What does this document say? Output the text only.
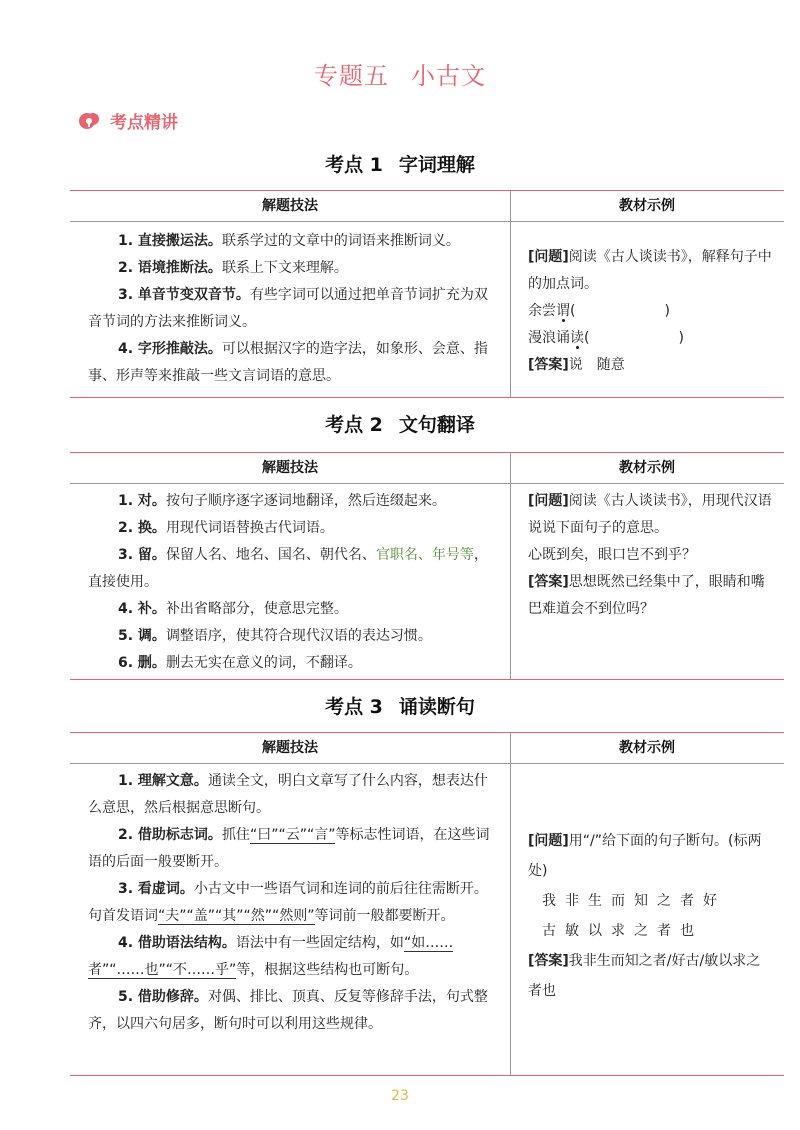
专题五 小古文
考点精讲
考点 1 字词理解
解题技法

1. 直接搬运法。联系学过的文章中的词语来推断词义。

2. 语境推断法。联系上下文来理解。

3. 单音节变双音节。有些字词可以通过把单音节词扩充为双音节词的方法来推断词义。

4. 字形推敲法。可以根据汉字的造字法，如象形、会意、指事、形声等来推敲一些文言词语的意思。

教材示例

[问题]阅读《古人谈读书》，解释句子中的加点词。

余尝谓(                    )

漫浪诵读(                    )

[答案]说　随意

考点 2 文句翻译
解题技法

1. 对。按句子顺序逐字逐词地翻译，然后连缀起来。

2. 换。用现代词语替换古代词语。

3. 留。保留人名、地名、国名、朝代名、官职名、年号等，直接使用。

4. 补。补出省略部分，使意思完整。

5. 调。调整语序，使其符合现代汉语的表达习惯。

6. 删。删去无实在意义的词，不翻译。

教材示例

[问题]阅读《古人谈读书》，用现代汉语说说下面句子的意思。

心既到矣，眼口岂不到乎？

[答案]思想既然已经集中了，眼睛和嘴巴难道会不到位吗？

考点 3 诵读断句
解题技法

1. 理解文意。通读全文，明白文章写了什么内容，想表达什么意思，然后根据意思断句。

2. 借助标志词。抓住“曰”“云”“言”等标志性词语，在这些词语的后面一般要断开。

3. 看虚词。小古文中一些语气词和连词的前后往往需断开。句首发语词“夫”“盖”“其”“然”“然则”等词前一般都要断开。

4. 借助语法结构。语法中有一些固定结构，如“如……者”“……也”“不……乎”等，根据这些结构也可断句。

5. 借助修辞。对偶、排比、顶真、反复等修辞手法，句式整齐，以四六句居多，断句时可以利用这些规律。

教材示例

[问题]用“/”给下面的句子断句。(标两处)

我非生而知之者好
古敏以求之者也

[答案]我非生而知之者/好古/敏以求之者也

23
